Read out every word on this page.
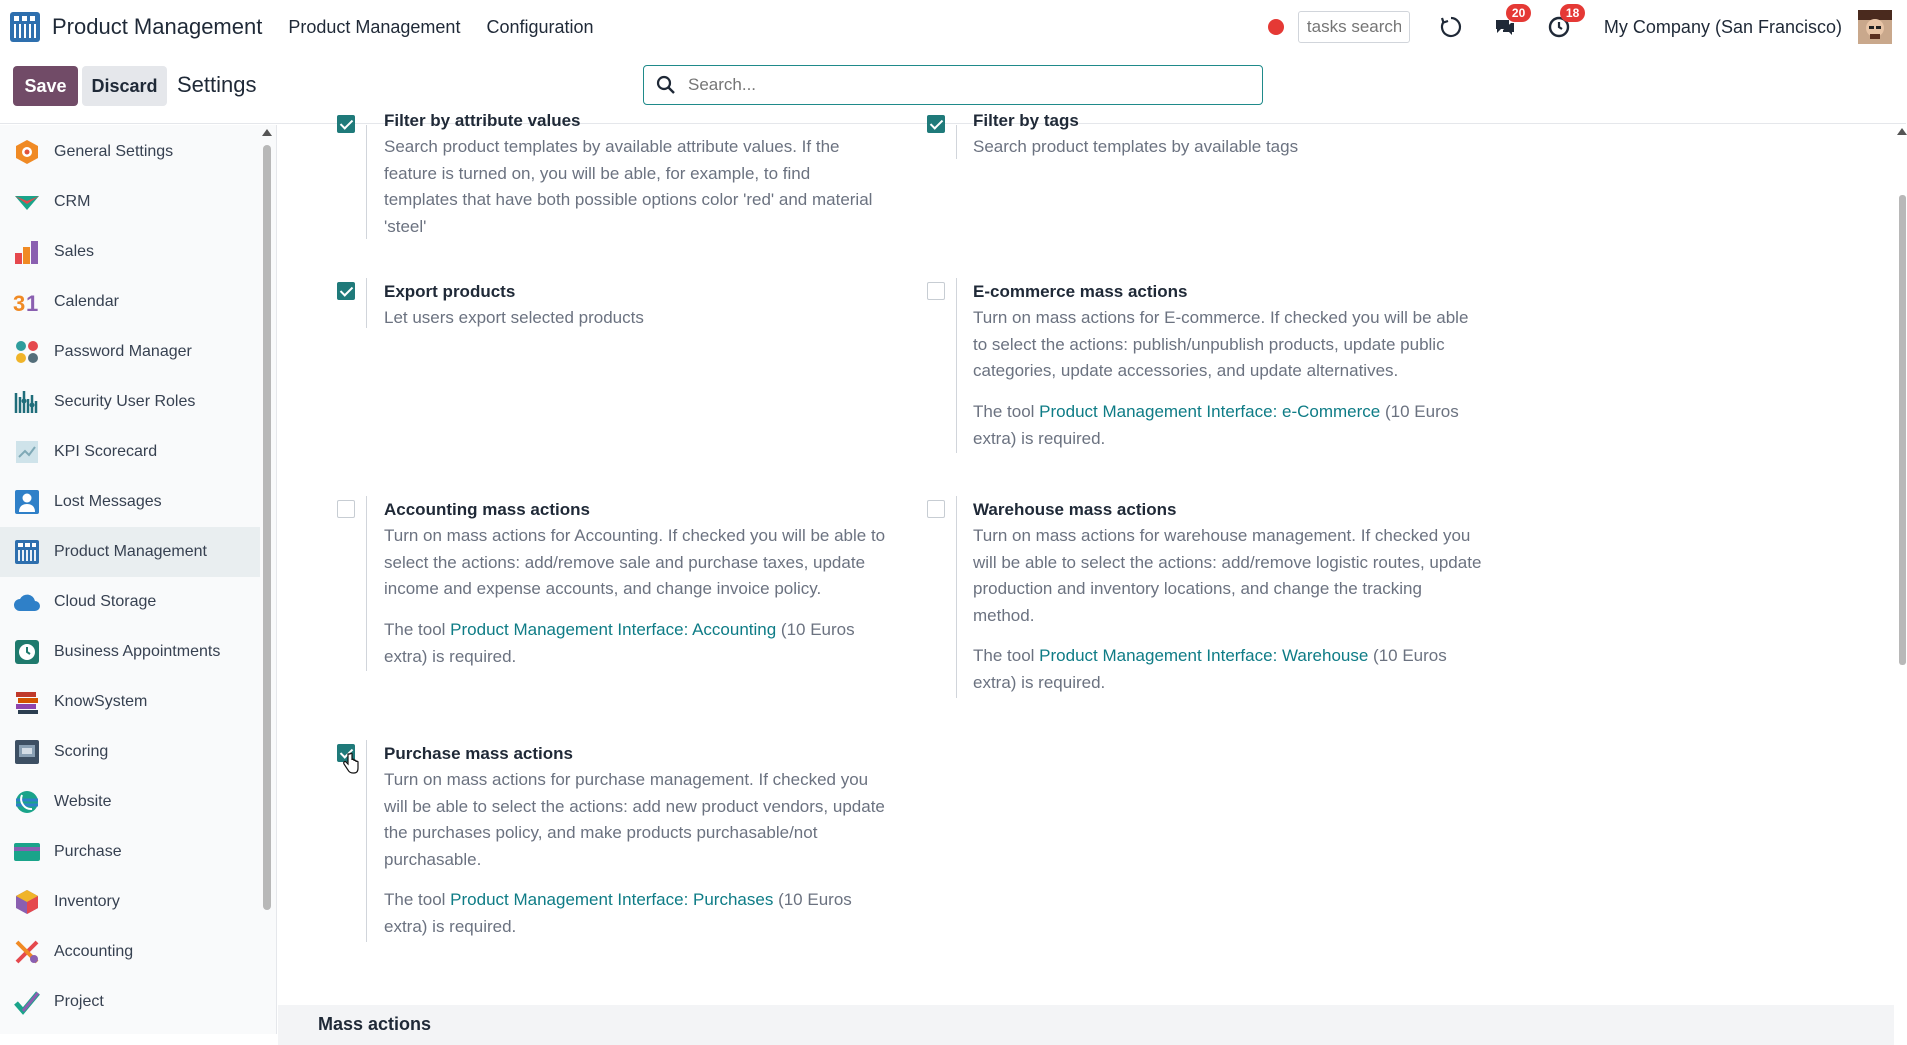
Product Management Product Management Configuration
tasks search
20	18
My Company (San Francisco)
Save	Discard Settings
Search...
General Settings
CRM
Sales
3 1 Calendar
Password Manager
Security User Roles
KPI Scorecard
Lost Messages
Product Management
Cloud Storage
Business Appointments
KnowSystem
Scoring
Website
Purchase
Inventory
Accounting
Project
Filter by attribute values
Search product templates by available attribute values. If the feature is turned on, you will be able, for example, to find templates that have both possible options color 'red' and material 'steel'
Filter by tags
Search product templates by available tags
Export products
Let users export selected products
E-commerce mass actions
Turn on mass actions for E-commerce. If checked you will be able to select the actions: publish/unpublish products, update public categories, update accessories, and update alternatives.
The tool Product Management Interface: e-Commerce (10 Euros extra) is required.
Accounting mass actions
Turn on mass actions for Accounting. If checked you will be able to select the actions: add/remove sale and purchase taxes, update income and expense accounts, and change invoice policy.
The tool Product Management Interface: Accounting (10 Euros extra) is required.
Warehouse mass actions
Turn on mass actions for warehouse management. If checked you will be able to select the actions: add/remove logistic routes, update production and inventory locations, and change the tracking method.
The tool Product Management Interface: Warehouse (10 Euros extra) is required.
Purchase mass actions
Turn on mass actions for purchase management. If checked you will be able to select the actions: add new product vendors, update the purchases policy, and make products purchasable/not purchasable.
The tool Product Management Interface: Purchases (10 Euros extra) is required.
Mass actions
